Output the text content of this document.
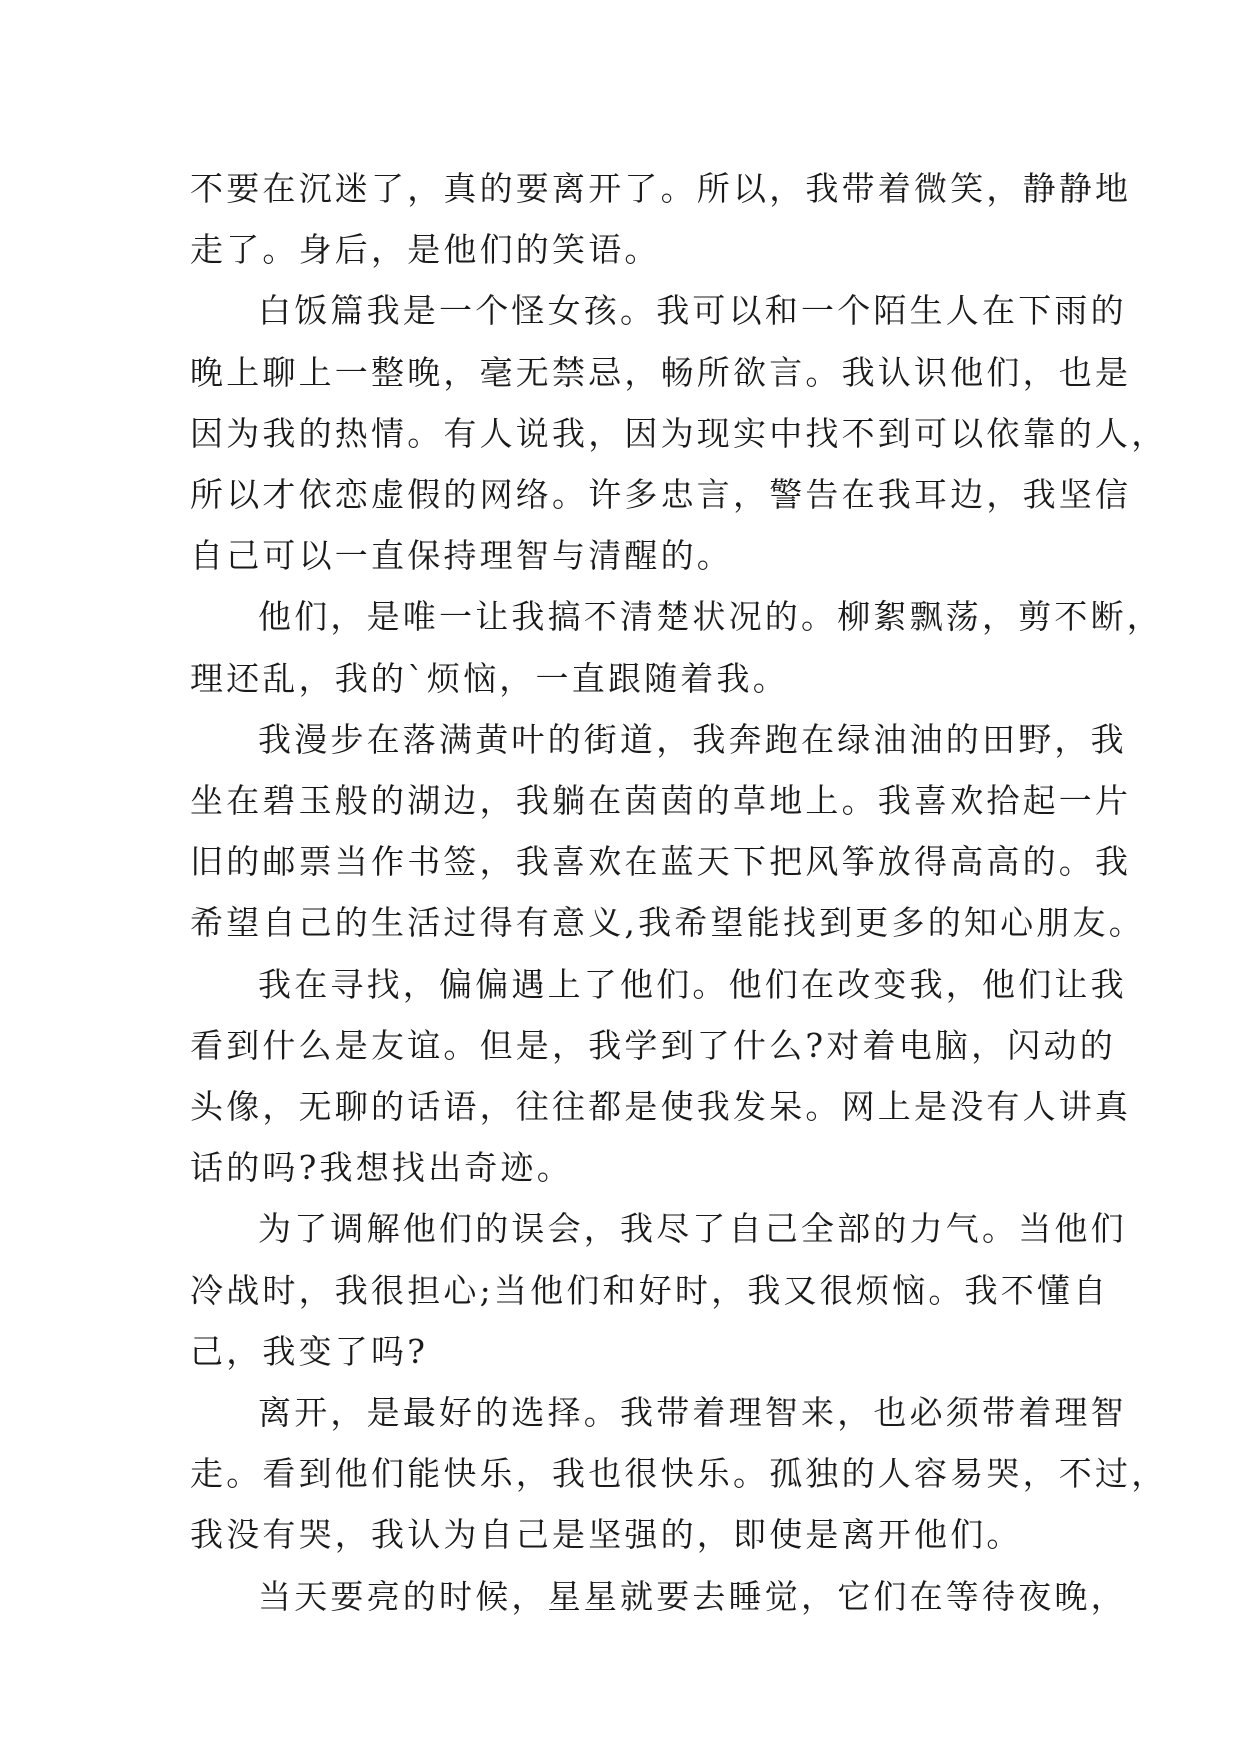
不要在沉迷了，真的要离开了。所以，我带着微笑，静静地
走了。身后，是他们的笑语。
白饭篇我是一个怪女孩。我可以和一个陌生人在下雨的
晚上聊上一整晚，毫无禁忌，畅所欲言。我认识他们，也是
因为我的热情。有人说我，因为现实中找不到可以依靠的人，
所以才依恋虚假的网络。许多忠言，警告在我耳边，我坚信
自己可以一直保持理智与清醒的。
他们，是唯一让我搞不清楚状况的。柳絮飘荡，剪不断，
理还乱，我的`烦恼，一直跟随着我。
我漫步在落满黄叶的街道，我奔跑在绿油油的田野，我
坐在碧玉般的湖边，我躺在茵茵的草地上。我喜欢拾起一片
旧的邮票当作书签，我喜欢在蓝天下把风筝放得高高的。我
希望自己的生活过得有意义,我希望能找到更多的知心朋友。
我在寻找，偏偏遇上了他们。他们在改变我，他们让我
看到什么是友谊。但是，我学到了什么?对着电脑，闪动的
头像，无聊的话语，往往都是使我发呆。网上是没有人讲真
话的吗?我想找出奇迹。
为了调解他们的误会，我尽了自己全部的力气。当他们
冷战时，我很担心;当他们和好时，我又很烦恼。我不懂自
己，我变了吗?
离开，是最好的选择。我带着理智来，也必须带着理智
走。看到他们能快乐，我也很快乐。孤独的人容易哭，不过，
我没有哭，我认为自己是坚强的，即使是离开他们。
当天要亮的时候，星星就要去睡觉，它们在等待夜晚，
